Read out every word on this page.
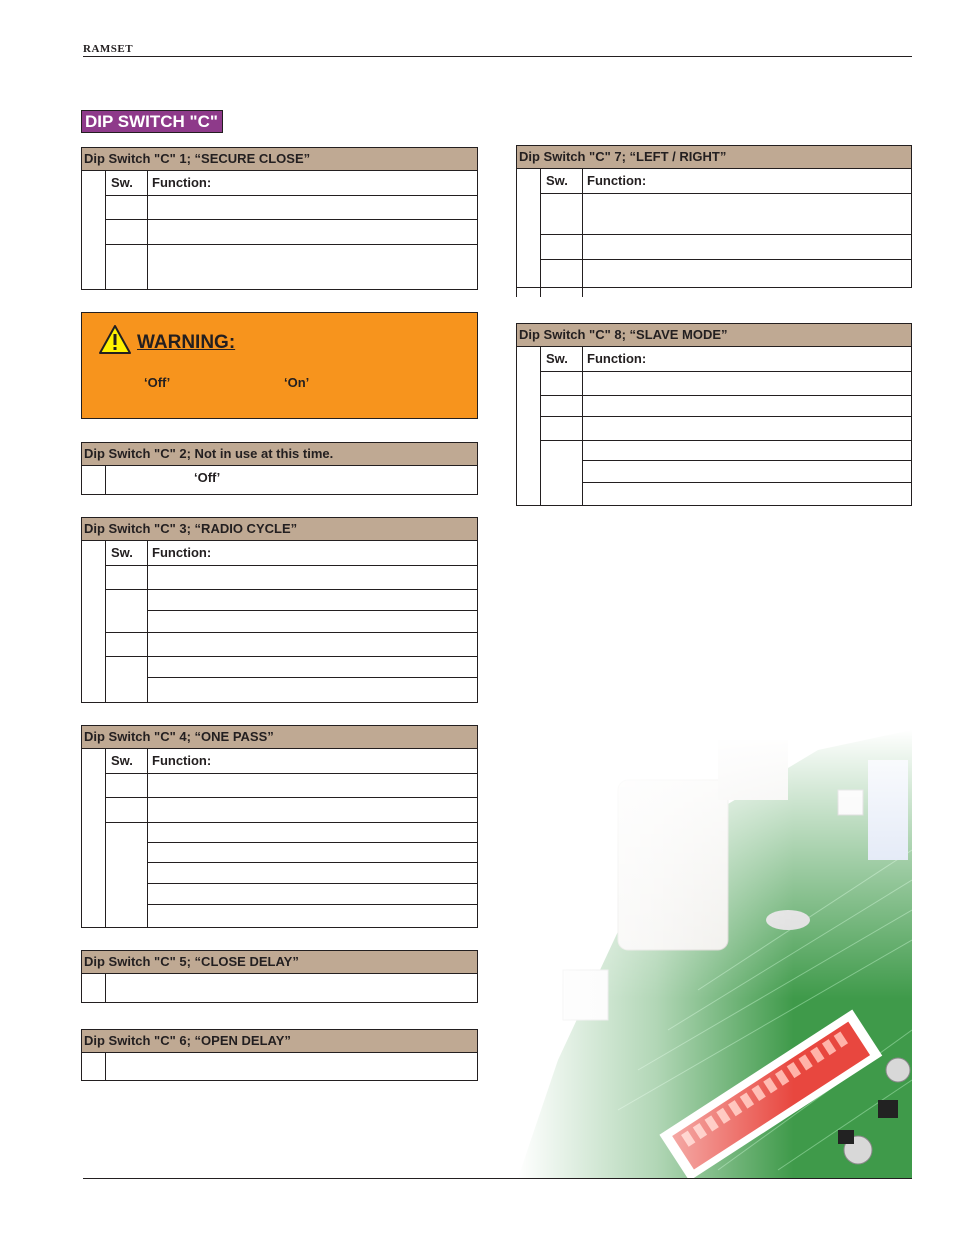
RAMSET
DIP SWITCH "C"
Dip Switch "C" 1; “SECURE CLOSE”
Sw. Function:
WARNING:
‘Off’	‘On’
Dip Switch "C" 2; Not in use at this time.
‘Off’
Dip Switch "C" 3; “RADIO CYCLE”
Sw. Function:
Dip Switch "C" 4; “ONE PASS”
Sw. Function:
Dip Switch "C" 5; “CLOSE DELAY”
Dip Switch "C" 6; “OPEN DELAY”
Dip Switch "C" 7; “LEFT / RIGHT”
Sw. Function:
Dip Switch "C" 8; “SLAVE MODE”
Sw. Function:
